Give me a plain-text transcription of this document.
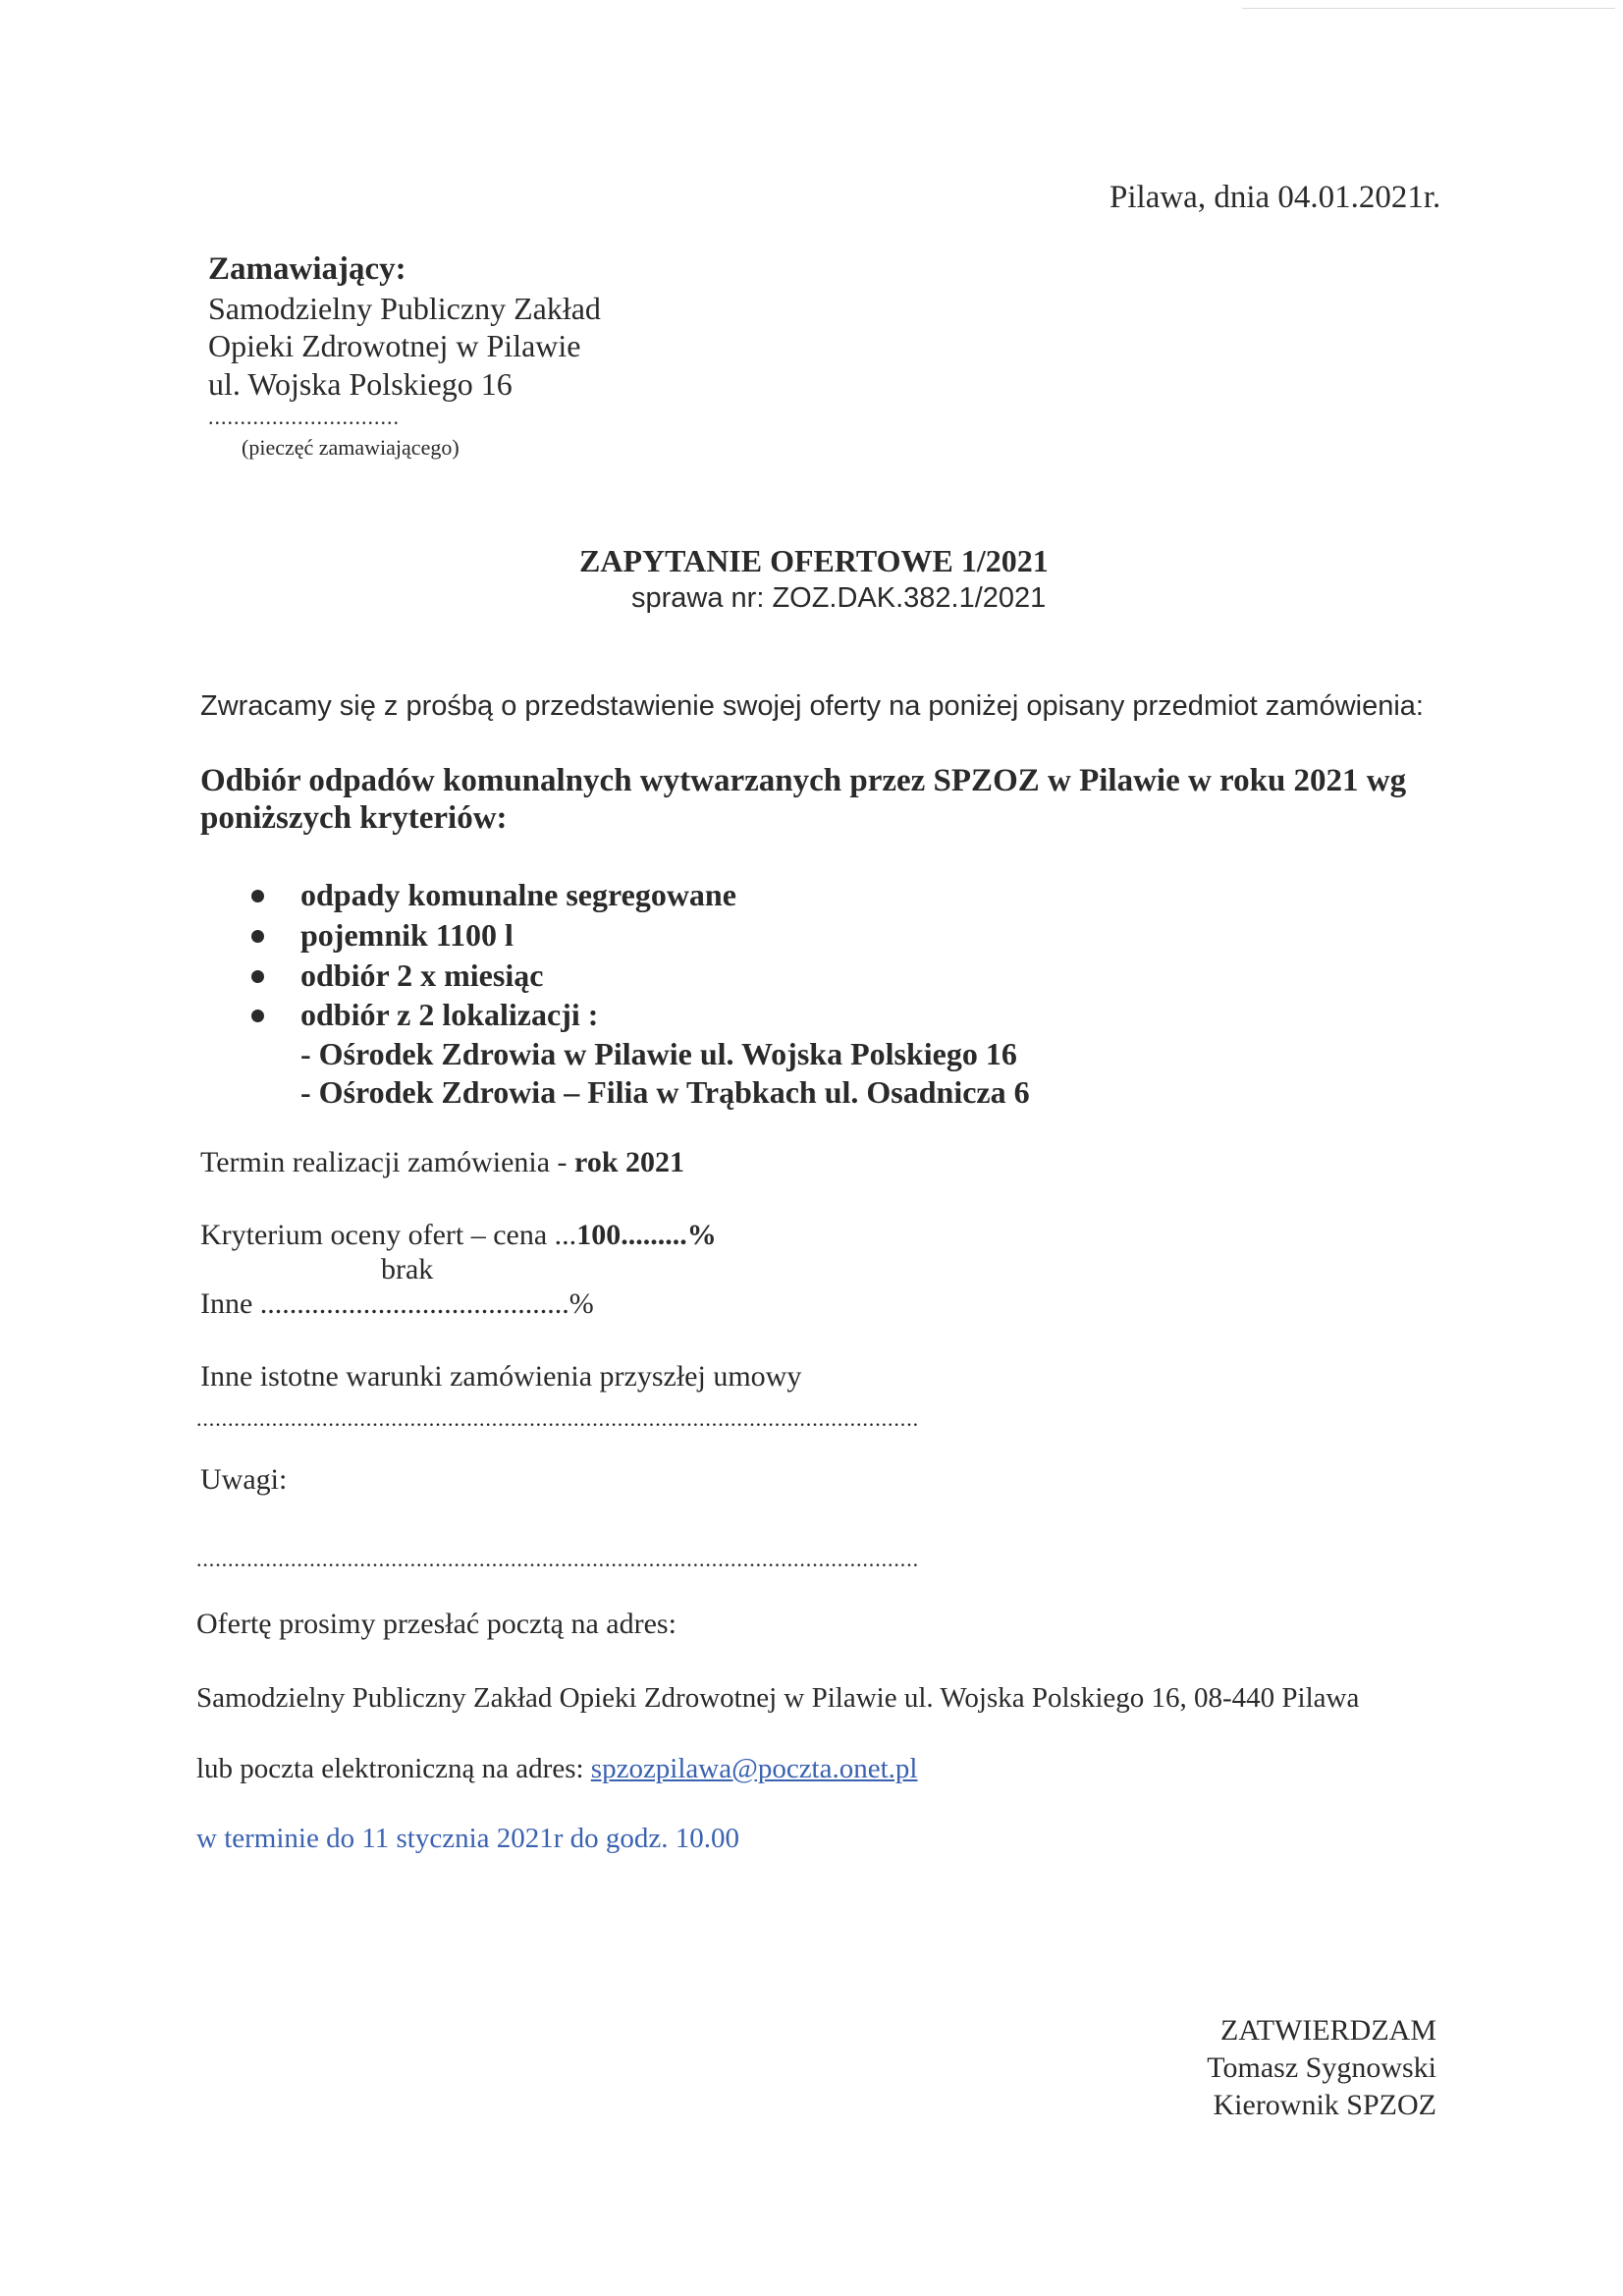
Pilawa, dnia 04.01.2021r.
Zamawiający:
Samodzielny Publiczny Zakład
Opieki Zdrowotnej w Pilawie
ul. Wojska Polskiego 16
..............................
(pieczęć zamawiającego)
ZAPYTANIE OFERTOWE 1/2021
sprawa nr: ZOZ.DAK.382.1/2021
Zwracamy się z prośbą o przedstawienie swojej oferty na poniżej opisany przedmiot zamówienia:
Odbiór odpadów komunalnych wytwarzanych przez SPZOZ w Pilawie w roku 2021 wg
poniższych kryteriów:
odpady komunalne segregowane
pojemnik 1100 l
odbiór 2 x miesiąc
odbiór z 2 lokalizacji :
- Ośrodek Zdrowia w Pilawie ul. Wojska Polskiego 16
- Ośrodek Zdrowia – Filia w Trąbkach ul. Osadnicza 6
Termin realizacji zamówienia - rok 2021
Kryterium oceny ofert – cena ...100.........%
brak
Inne ..........................................%
Inne istotne warunki zamówienia przyszłej umowy
...................................................................................................................
Uwagi:
...................................................................................................................
Ofertę prosimy przesłać pocztą na adres:
Samodzielny Publiczny Zakład Opieki Zdrowotnej w Pilawie ul. Wojska Polskiego 16, 08-440 Pilawa
lub poczta elektroniczną na adres: spzozpilawa@poczta.onet.pl
w terminie do 11 stycznia 2021r do godz. 10.00
ZATWIERDZAM
Tomasz Sygnowski
Kierownik SPZOZ
